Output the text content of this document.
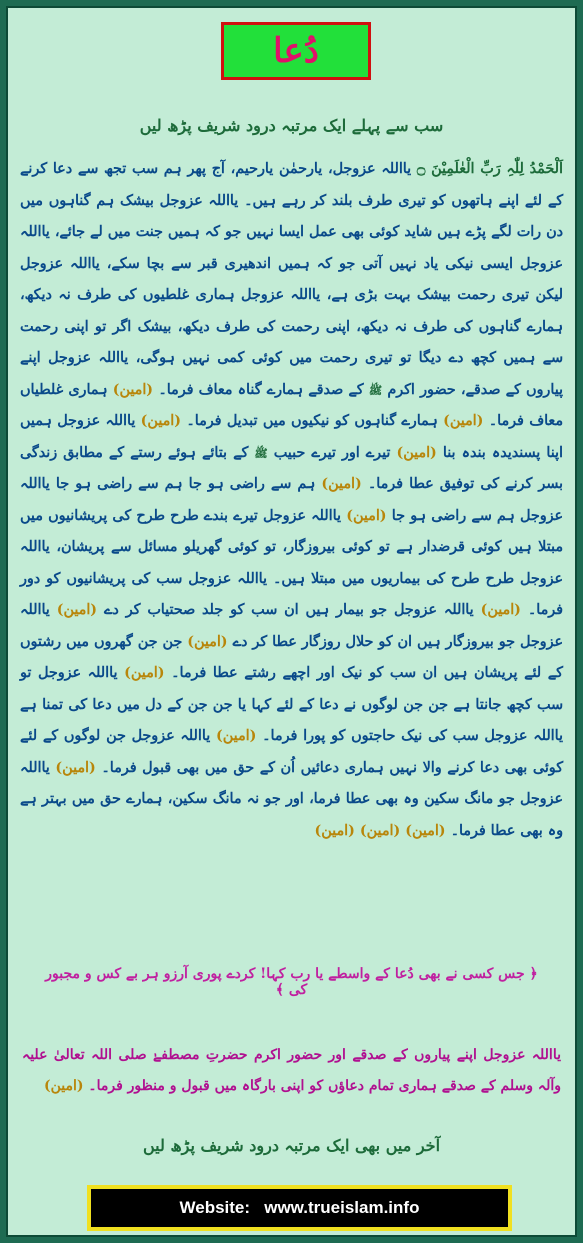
دُعا
سب سے پہلے ایک مرتبہ درود شریف پڑھ لیں
اَلْحَمْدُ لِلّٰہِ رَبِّ الْعٰلَمِیْنَ ۝ یااللہ عزوجل، یارحمٰن یارحیم، آج پھر ہم سب تجھ سے دعا کرنے کے لئے اپنے ہاتھوں کو تیری طرف بلند کر رہے ہیں۔ یااللہ عزوجل بیشک ہم گناہوں میں دن رات لگے پڑے ہیں شاید کوئی بھی عمل ایسا نہیں جو کہ ہمیں جنت میں لے جائے، یااللہ عزوجل ایسی نیکی یاد نہیں آتی جو کہ ہمیں اندھیری قبر سے بچا سکے، یااللہ عزوجل لیکن تیری رحمت بیشک بہت بڑی ہے، یااللہ عزوجل ہماری غلطیوں کی طرف نہ دیکھ، ہمارے گناہوں کی طرف نہ دیکھ، اپنی رحمت کی طرف دیکھ، بیشک اگر تو اپنی رحمت سے ہمیں کچھ دے دیگا تو تیری رحمت میں کوئی کمی نہیں ہوگی، یااللہ عزوجل اپنے پیاروں کے صدقے، حضور اکرم ﷺ کے صدقے ہمارے گناہ معاف فرما۔ (امین) ہماری غلطیاں معاف فرما۔ (امین) ہمارے گناہوں کو نیکیوں میں تبدیل فرما۔ (امین) یااللہ عزوجل ہمیں اپنا پسندیدہ بندہ بنا (امین) تیرے اور تیرے حبیب ﷺ کے بتائے ہوئے رستے کے مطابق زندگی بسر کرنے کی توفیق عطا فرما۔ (امین) ہم سے راضی ہو جا ہم سے راضی ہو جا یااللہ عزوجل ہم سے راضی ہو جا (امین) یااللہ عزوجل تیرے بندے طرح طرح کی پریشانیوں میں مبتلا ہیں کوئی قرضدار ہے تو کوئی بیروزگار، تو کوئی گھریلو مسائل سے پریشان، یااللہ عزوجل طرح طرح کی بیماریوں میں مبتلا ہیں۔ یااللہ عزوجل سب کی پریشانیوں کو دور فرما۔ (امین) یااللہ عزوجل جو بیمار ہیں ان سب کو جلد صحتیاب کر دے (امین) یااللہ عزوجل جو بیروزگار ہیں ان کو حلال روزگار عطا کر دے (امین) جن جن گھروں میں رشتوں کے لئے پریشان ہیں ان سب کو نیک اور اچھے رشتے عطا فرما۔ (امین) یااللہ عزوجل تو سب کچھ جانتا ہے جن جن لوگوں نے دعا کے لئے کہا یا جن جن کے دل میں دعا کی تمنا ہے یااللہ عزوجل سب کی نیک حاجتوں کو پورا فرما۔ (امین) یااللہ عزوجل جن لوگوں کے لئے کوئی بھی دعا کرنے والا نہیں ہماری دعائیں اُن کے حق میں بھی قبول فرما۔ (امین) یااللہ عزوجل جو مانگ سکین وہ بھی عطا فرما، اور جو نہ مانگ سکین، ہمارے حق میں بہتر ہے وہ بھی عطا فرما۔ (امین) (امین) (امین)
﴿ جس کسی نے بھی دُعا کے واسطے یا رب کہا! کردے پوری آرزو ہر بے کس و مجبور کی ﴾
یااللہ عزوجل اپنے پیاروں کے صدقے اور حضور اکرم حضرتِ مصطفےٰ صلی اللہ تعالیٰ علیہ وآلہ وسلم کے صدقے ہماری تمام دعاؤں کو اپنی بارگاہ میں قبول و منظور فرما۔ (امین)
آخر میں بھی ایک مرتبہ درود شریف پڑھ لیں
Website:
www.trueislam.info
